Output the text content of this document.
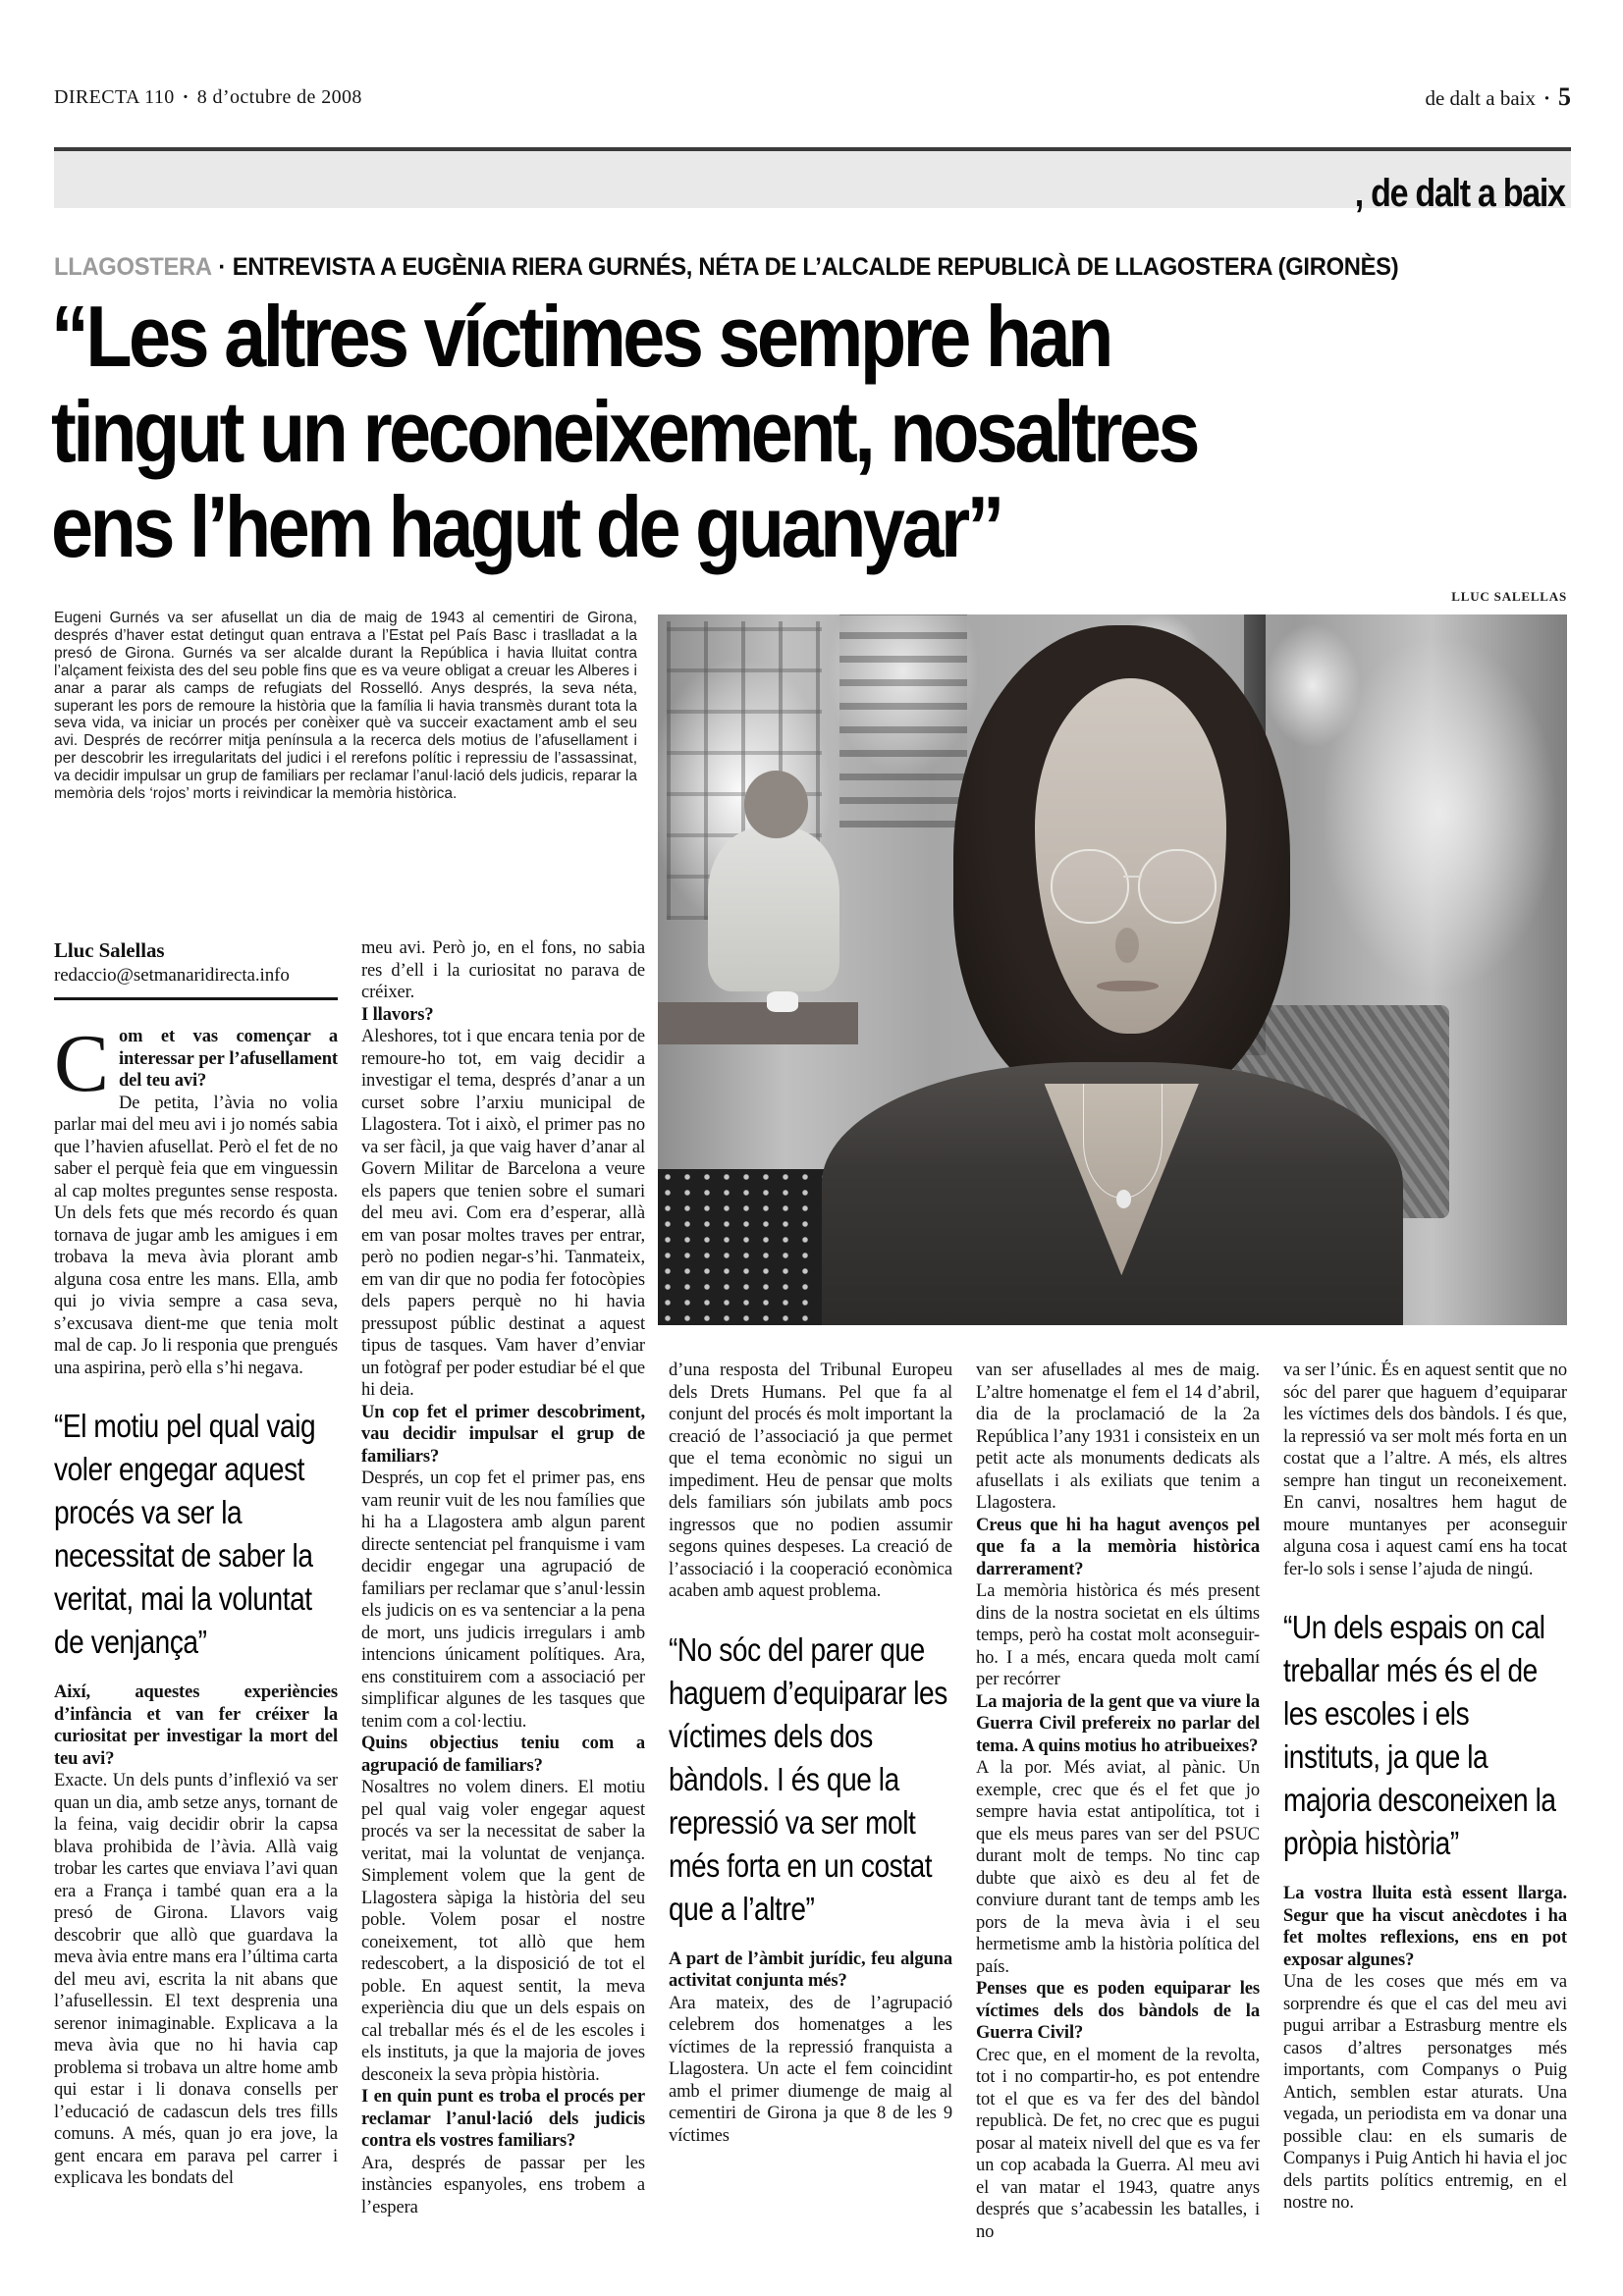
DIRECTA 110 · 8 d’octubre de 2008	de dalt a baix · 5
, de dalt a baix
LLAGOSTERA · ENTREVISTA A EUGÈNIA RIERA GURNÉS, NÉTA DE L’ALCALDE REPUBLICÀ DE LLAGOSTERA (GIRONÈS)
“Les altres víctimes sempre han
tingut un reconeixement, nosaltres
ens l’hem hagut de guanyar”
LLUC SALELLAS

Eugeni Gurnés va ser afusellat un dia de maig de 1943 al cementiri de Girona, després d’haver estat detingut quan entrava a l’Estat pel País Basc i traslladat a la presó de Girona. Gurnés va ser alcalde durant la República i havia lluitat contra l’alçament feixista des del seu poble fins que es va veure obligat a creuar les Alberes i anar a parar als camps de refugiats del Rosselló. Anys després, la seva néta, superant les pors de remoure la història que la família li havia transmès durant tota la seva vida, va iniciar un procés per conèixer què va succeir exactament amb el seu avi. Després de recórrer mitja península a la recerca dels motius de l’afusellament i per descobrir les irregularitats del judici i el rerefons polític i repressiu de l’assassinat, va decidir impulsar un grup de familiars per reclamar l’anul·lació dels judicis, reparar la memòria dels ‘rojos’ morts i reivindicar la memòria històrica.

Lluc Salellas
redaccio@setmanaridirecta.info

Com et vas començar a interessar per l’afusellament del teu avi?

De petita, l’àvia no volia parlar mai del meu avi i jo només sabia que l’havien afusellat. Però el fet de no saber el perquè feia que em vinguessin al cap moltes preguntes sense resposta. Un dels fets que més recordo és quan tornava de jugar amb les amigues i em trobava la meva àvia plorant amb alguna cosa entre les mans. Ella, amb qui jo vivia sempre a casa seva, s’excusava dient-me que tenia molt mal de cap. Jo li responia que prengués una aspirina, però ella s’hi negava.

“El motiu pel qual vaig voler engegar aquest procés va ser la necessitat de saber la veritat, mai la voluntat de venjança”

Així, aquestes experiències d’infància et van fer créixer la curiositat per investigar la mort del teu avi?

Exacte. Un dels punts d’inflexió va ser quan un dia, amb setze anys, tornant de la feina, vaig decidir obrir la capsa blava prohibida de l’àvia. Allà vaig trobar les cartes que enviava l’avi quan era a França i també quan era a la presó de Girona. Llavors vaig descobrir que allò que guardava la meva àvia entre mans era l’última carta del meu avi, escrita la nit abans que l’afusellessin. El text desprenia una serenor inimaginable. Explicava a la meva àvia que no hi havia cap problema si trobava un altre home amb qui estar i li donava consells per l’educació de cadascun dels tres fills comuns. A més, quan jo era jove, la gent encara em parava pel carrer i explicava les bondats del

meu avi. Però jo, en el fons, no sabia res d’ell i la curiositat no parava de créixer.

I llavors?

Aleshores, tot i que encara tenia por de remoure-ho tot, em vaig decidir a investigar el tema, després d’anar a un curset sobre l’arxiu municipal de Llagostera. Tot i això, el primer pas no va ser fàcil, ja que vaig haver d’anar al Govern Militar de Barcelona a veure els papers que tenien sobre el sumari del meu avi. Com era d’esperar, allà em van posar moltes traves per entrar, però no podien negar-s’hi. Tanmateix, em van dir que no podia fer fotocòpies dels papers perquè no hi havia pressupost públic destinat a aquest tipus de tasques. Vam haver d’enviar un fotògraf per poder estudiar bé el que hi deia.

Un cop fet el primer descobriment, vau decidir impulsar el grup de familiars?

Després, un cop fet el primer pas, ens vam reunir vuit de les nou famílies que hi ha a Llagostera amb algun parent directe sentenciat pel franquisme i vam decidir engegar una agrupació de familiars per reclamar que s’anul·lessin els judicis on es va sentenciar a la pena de mort, uns judicis irregulars i amb intencions únicament polítiques. Ara, ens constituirem com a associació per simplificar algunes de les tasques que tenim com a col·lectiu.

Quins objectius teniu com a agrupació de familiars?

Nosaltres no volem diners. El motiu pel qual vaig voler engegar aquest procés va ser la necessitat de saber la veritat, mai la voluntat de venjança. Simplement volem que la gent de Llagostera sàpiga la història del seu poble. Volem posar el nostre coneixement, tot allò que hem redescobert, a la disposició de tot el poble. En aquest sentit, la meva experiència diu que un dels espais on cal treballar més és el de les escoles i els instituts, ja que la majoria de joves desconeix la seva pròpia història.

I en quin punt es troba el procés per reclamar l’anul·lació dels judicis contra els vostres familiars?

Ara, després de passar per les instàncies espanyoles, ens trobem a l’espera

d’una resposta del Tribunal Europeu dels Drets Humans. Pel que fa al conjunt del procés és molt important la creació de l’associació ja que permet que el tema econòmic no sigui un impediment. Heu de pensar que molts dels familiars són jubilats amb pocs ingressos que no podien assumir segons quines despeses. La creació de l’associació i la cooperació econòmica acaben amb aquest problema.

“No sóc del parer que haguem d’equiparar les víctimes dels dos bàndols. I és que la repressió va ser molt més forta en un costat que a l’altre”

A part de l’àmbit jurídic, feu alguna activitat conjunta més?

Ara mateix, des de l’agrupació celebrem dos homenatges a les víctimes de la repressió franquista a Llagostera. Un acte el fem coincidint amb el primer diumenge de maig al cementiri de Girona ja que 8 de les 9 víctimes

van ser afusellades al mes de maig. L’altre homenatge el fem el 14 d’abril, dia de la proclamació de la 2a República l’any 1931 i consisteix en un petit acte als monuments dedicats als afusellats i als exiliats que tenim a Llagostera.

Creus que hi ha hagut avenços pel que fa a la memòria històrica darrerament?

La memòria històrica és més present dins de la nostra societat en els últims temps, però ha costat molt aconseguir-ho. I a més, encara queda molt camí per recórrer

La majoria de la gent que va viure la Guerra Civil prefereix no parlar del tema. A quins motius ho atribueixes?

A la por. Més aviat, al pànic. Un exemple, crec que és el fet que jo sempre havia estat antipolítica, tot i que els meus pares van ser del PSUC durant molt de temps. No tinc cap dubte que això es deu al fet de conviure durant tant de temps amb les pors de la meva àvia i el seu hermetisme amb la història política del país.

Penses que es poden equiparar les víctimes dels dos bàndols de la Guerra Civil?

Crec que, en el moment de la revolta, tot i no compartir-ho, es pot entendre tot el que es va fer des del bàndol republicà. De fet, no crec que es pugui posar al mateix nivell del que es va fer un cop acabada la Guerra. Al meu avi el van matar el 1943, quatre anys després que s’acabessin les batalles, i no

va ser l’únic. És en aquest sentit que no sóc del parer que haguem d’equiparar les víctimes dels dos bàndols. I és que, la repressió va ser molt més forta en un costat que a l’altre. A més, els altres sempre han tingut un reconeixement. En canvi, nosaltres hem hagut de moure muntanyes per aconseguir alguna cosa i aquest camí ens ha tocat fer-lo sols i sense l’ajuda de ningú.

“Un dels espais on cal treballar més és el de les escoles i els instituts, ja que la majoria desconeixen la pròpia història”

La vostra lluita està essent llarga. Segur que ha viscut anècdotes i ha fet moltes reflexions, ens en pot exposar algunes?

Una de les coses que més em va sorprendre és que el cas del meu avi pugui arribar a Estrasburg mentre els casos d’altres personatges més importants, com Companys o Puig Antich, semblen estar aturats. Una vegada, un periodista em va donar una possible clau: en els sumaris de Companys i Puig Antich hi havia el joc dels partits polítics entremig, en el nostre no.
